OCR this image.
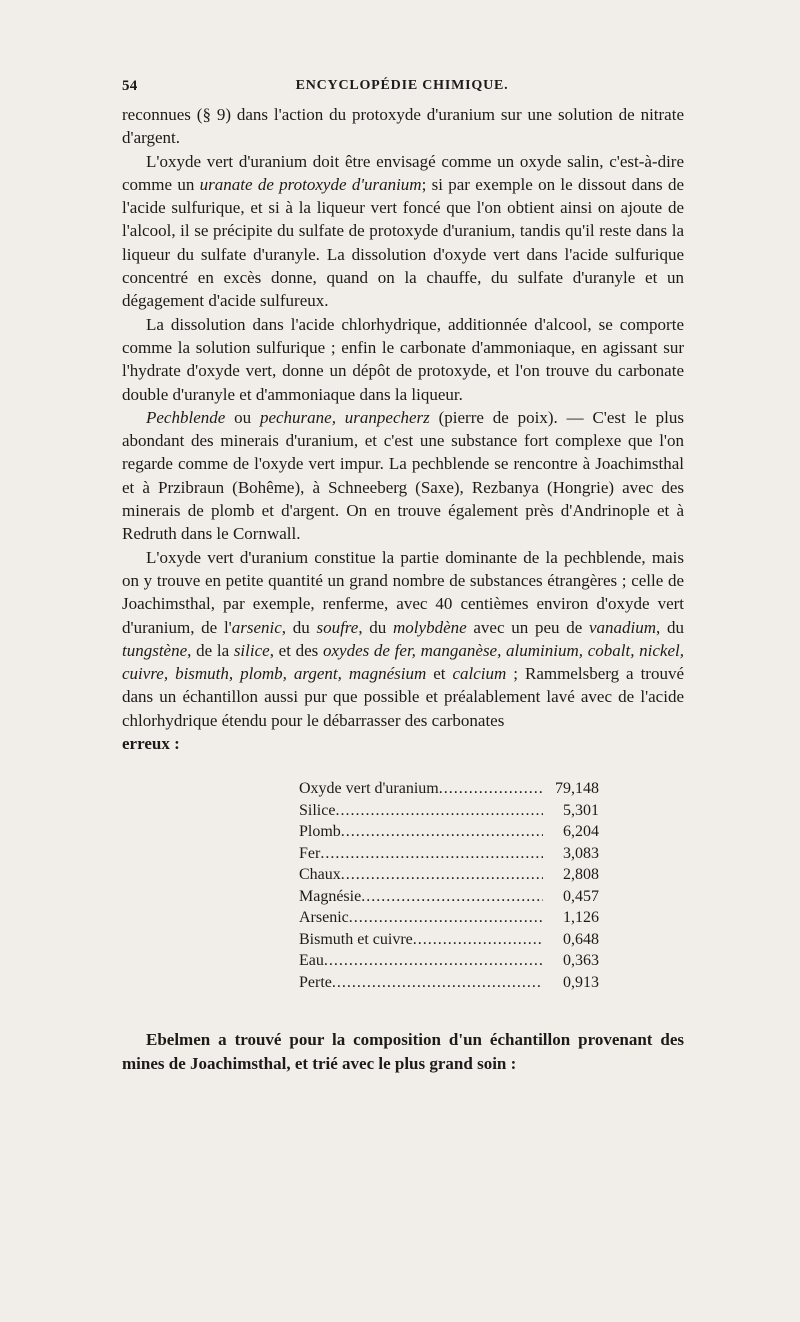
54	ENCYCLOPÉDIE CHIMIQUE.

reconnues (§ 9) dans l'action du protoxyde d'uranium sur une solution de nitrate d'argent.

L'oxyde vert d'uranium doit être envisagé comme un oxyde salin, c'est-à-dire comme un uranate de protoxyde d'uranium; si par exemple on le dissout dans de l'acide sulfurique, et si à la liqueur vert foncé que l'on obtient ainsi on ajoute de l'alcool, il se précipite du sulfate de protoxyde d'uranium, tandis qu'il reste dans la liqueur du sulfate d'uranyle. La dissolution d'oxyde vert dans l'acide sulfurique concentré en excès donne, quand on la chauffe, du sulfate d'uranyle et un dégagement d'acide sulfureux.

La dissolution dans l'acide chlorhydrique, additionnée d'alcool, se comporte comme la solution sulfurique ; enfin le carbonate d'ammoniaque, en agissant sur l'hydrate d'oxyde vert, donne un dépôt de protoxyde, et l'on trouve du carbonate double d'uranyle et d'ammoniaque dans la liqueur.

Pechblende ou pechurane, uranpecherz (pierre de poix). — C'est le plus abondant des minerais d'uranium, et c'est une substance fort complexe que l'on regarde comme de l'oxyde vert impur. La pechblende se rencontre à Joachimsthal et à Przibraun (Bohême), à Schneeberg (Saxe), Rezbanya (Hongrie) avec des minerais de plomb et d'argent. On en trouve également près d'Andrinople et à Redruth dans le Cornwall.

L'oxyde vert d'uranium constitue la partie dominante de la pechblende, mais on y trouve en petite quantité un grand nombre de substances étrangères ; celle de Joachimsthal, par exemple, renferme, avec 40 centièmes environ d'oxyde vert d'uranium, de l'arsenic, du soufre, du molybdène avec un peu de vanadium, du tungstène, de la silice, et des oxydes de fer, manganèse, aluminium, cobalt, nickel, cuivre, bismuth, plomb, argent, magnésium et calcium ; Rammelsberg a trouvé dans un échantillon aussi pur que possible et préalablement lavé avec de l'acide chlorhydrique étendu pour le débarrasser des carbonates
erreux :

Oxyde vert d'uranium .....	79,148
Silice .....	5,301
Plomb .....	6,204
Fer .....	3,083
Chaux .....	2,808
Magnésie .....	0,457
Arsenic .....	1,126
Bismuth et cuivre .....	0,648
Eau .....	0,363
Perte .....	0,913

Ebelmen a trouvé pour la composition d'un échantillon provenant des mines de Joachimsthal, et trié avec le plus grand soin :
